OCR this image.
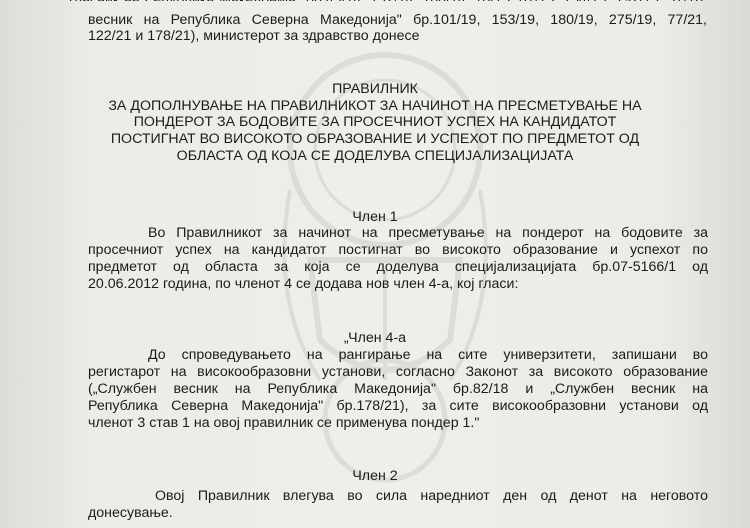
весник на Република Северна Македонија" бр.101/19, 153/19, 180/19, 275/19, 77/21,
122/21 и 178/21), министерот за здравство донесе
ПРАВИЛНИК
ЗА ДОПОЛНУВАЊЕ НА ПРАВИЛНИКОТ ЗА НАЧИНОТ НА ПРЕСМЕТУВАЊЕ НА
ПОНДЕРОТ ЗА БОДОВИТЕ ЗА ПРОСЕЧНИОТ УСПЕХ НА КАНДИДАТОТ
ПОСТИГНАТ ВО ВИСОКОТО ОБРАЗОВАНИЕ И УСПЕХОТ ПО ПРЕДМЕТОТ ОД
ОБЛАСТА ОД КОЈА СЕ ДОДЕЛУВА СПЕЦИЈАЛИЗАЦИЈАТА
Член 1
Во Правилникот за начинот на пресметување на пондерот на бодовите за
просечниот успех на кандидатот постигнат во високото образование и успехот по
предметот од областа за која се доделува специјализацијата бр.07-5166/1 од
20.06.2012 година, по членот 4 се додава нов член 4-а, кој гласи:
„Член 4-а
До спроведувањето на рангирање на сите универзитети, запишани во
регистарот на високообразовни установи, согласно Законот за високото образование
(„Службен весник на Република Македонија" бр.82/18 и „Службен весник на
Република Северна Македонија" бр.178/21), за сите високообразовни установи од
членот 3 став 1 на овој правилник се применува пондер 1."
Член 2
Овој Правилник влегува во сила наредниот ден од денот на неговото
донесување.
